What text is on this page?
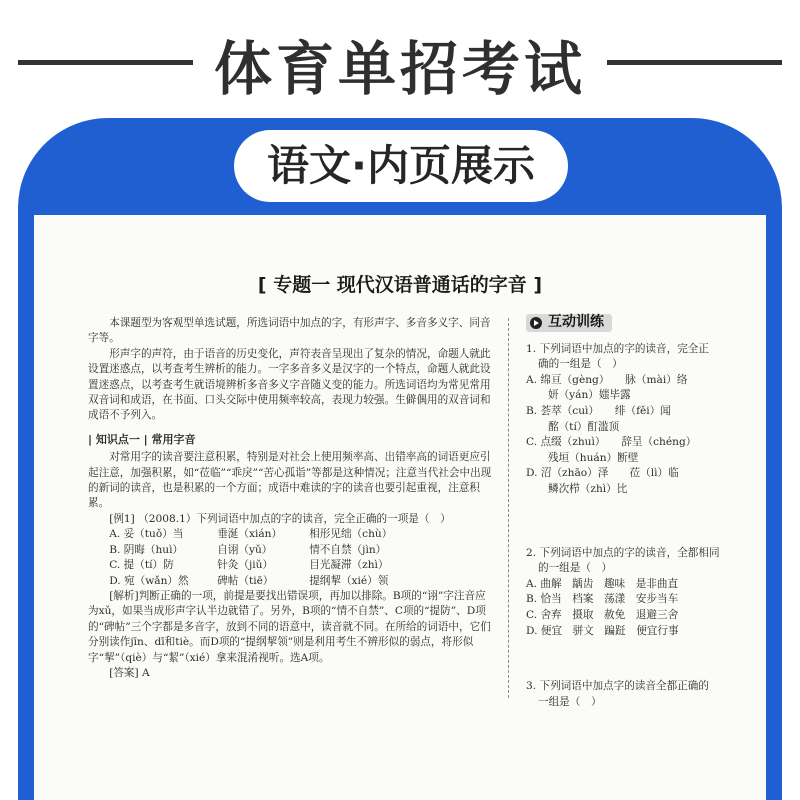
体育单招考试
语文·内页展示
[ 专题一 现代汉语普通话的字音 ]

本课题型为客观型单选试题，所选词语中加点的字，有形声字、多音多义字、同音字等。

形声字的声符，由于语音的历史变化，声符表音呈现出了复杂的情况，命题人就此设置迷惑点，以考查考生辨析的能力。一字多音多义是汉字的一个特点，命题人就此设置迷惑点，以考查考生就语境辨析多音多义字音随义变的能力。所选词语均为常见常用双音词和成语，在书面、口头交际中使用频率较高，表现力较强。生僻偶用的双音词和成语不予列入。

| 知识点一 | 常用字音

对常用字的读音要注意积累，特别是对社会上使用频率高、出错率高的词语更应引起注意，加强积累，如“莅临”“乖戾”“苦心孤诣”等都是这种情况；注意当代社会中出现的新词的读音，也是积累的一个方面；成语中难读的字的读音也要引起重视，注意积累。

[例1] （2008.1）下列词语中加点的字的读音，完全正确的一项是（　）

A. 妥（tuǒ）当	垂涎（xián）	相形见绌（chù）
B. 阴晦（huì）	自诩（yǔ）	情不自禁（jìn）
C. 提（tí）防	针灸（jiǔ）	目光凝滞（zhì）
D. 宛（wǎn）然	碑帖（tiē）	提纲挈（xié）领

[解析]判断正确的一项，前提是要找出错误项，再加以排除。B项的“诩”字注音应为xǔ，如果当成形声字认半边就错了。另外，B项的“情不自禁”、C项的“提防”、D项的“碑帖”三个字都是多音字，放到不同的语意中，读音就不同。在所给的词语中，它们分别读作jīn、dī和tiè。而D项的“提纲挈领”则是利用考生不辨形似的弱点，将形似字“挈”（qiè）与“絜”（xié）拿来混淆视听。选A项。

[答案] A

互动训练
1. 下列词语中加点的字的读音，完全正
确的一组是（　）
A. 绵亘（gèng）　　脉（mài）络
妍（yán）媸毕露
B. 荟萃（cuì）　　绯（fěi）闻
酩（tí）酊滥顶
C. 点缀（zhuì）　　辞呈（chéng）
残垣（huán）断壁
D. 沼（zhāo）泽　　莅（lì）临
鳞次栉（zhì）比
2. 下列词语中加点的字的读音，全都相同
的一组是（　）
A. 曲解　龋齿　趣味　是非曲直
B. 恰当　档案　荡漾　安步当车
C. 舍弃　摄取　赦免　退避三舍
D. 便宜　骈文　蹁跹　便宜行事
3. 下列词语中加点字的读音全都正确的
一组是（　）
